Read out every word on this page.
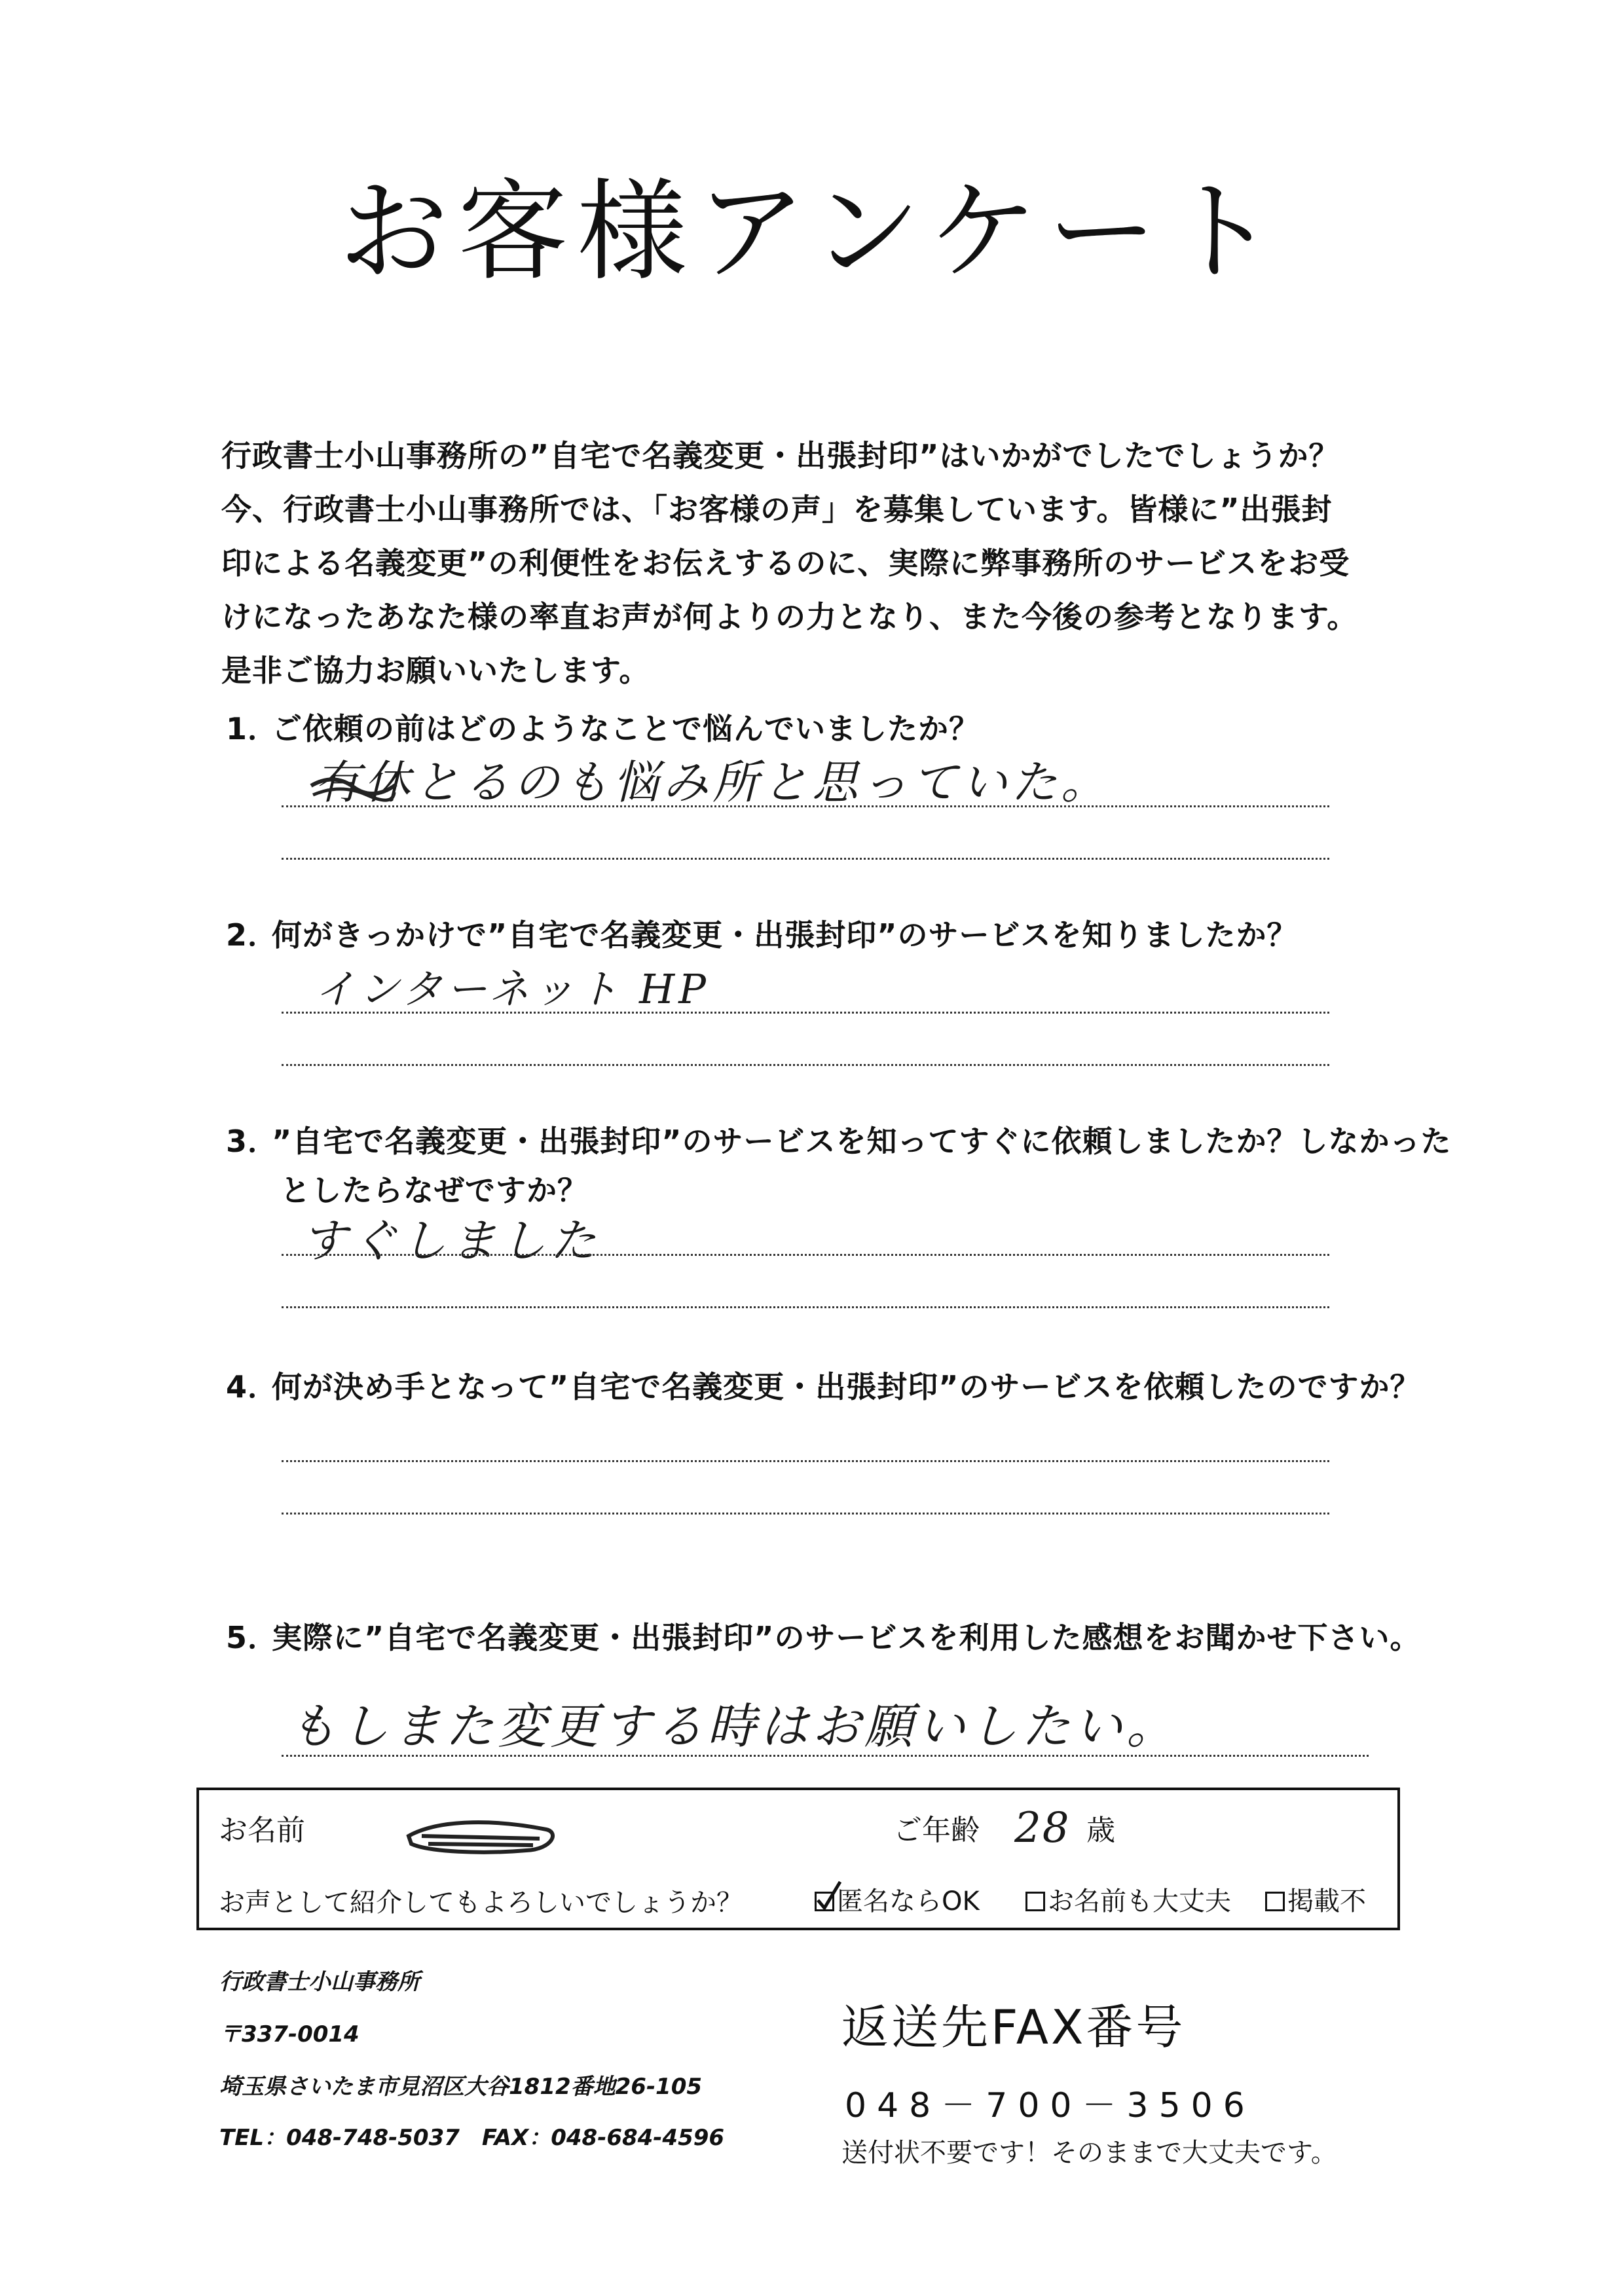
お客様アンケート
行政書士小山事務所の”自宅で名義変更・出張封印”はいかがでしたでしょうか？
今、行政書士小山事務所では、「お客様の声」を募集しています。皆様に”出張封
印による名義変更”の利便性をお伝えするのに、実際に弊事務所のサービスをお受
けになったあなた様の率直お声が何よりの力となり、また今後の参考となります。
是非ご協力お願いいたします。
1．ご依頼の前はどのようなことで悩んでいましたか？
有休とるのも悩み所と思っていた。
2．何がきっかけで”自宅で名義変更・出張封印”のサービスを知りましたか？
インターネット HP
3．”自宅で名義変更・出張封印”のサービスを知ってすぐに依頼しましたか？しなかった
としたらなぜですか？
すぐしました
4．何が決め手となって”自宅で名義変更・出張封印”のサービスを依頼したのですか？
5．実際に”自宅で名義変更・出張封印”のサービスを利用した感想をお聞かせ下さい。
もしまた変更する時はお願いしたい。
お名前	ご年齢 28 歳
お声として紹介してもよろしいでしょうか？	匿名ならOK	お名前も大丈夫	掲載不
行政書士小山事務所
〒337-0014
埼玉県さいたま市見沼区大谷1812番地26-105
TEL：048-748-5037　FAX：048-684-4596
返送先FAX番号
048－700－3506
送付状不要です！そのままで大丈夫です。
